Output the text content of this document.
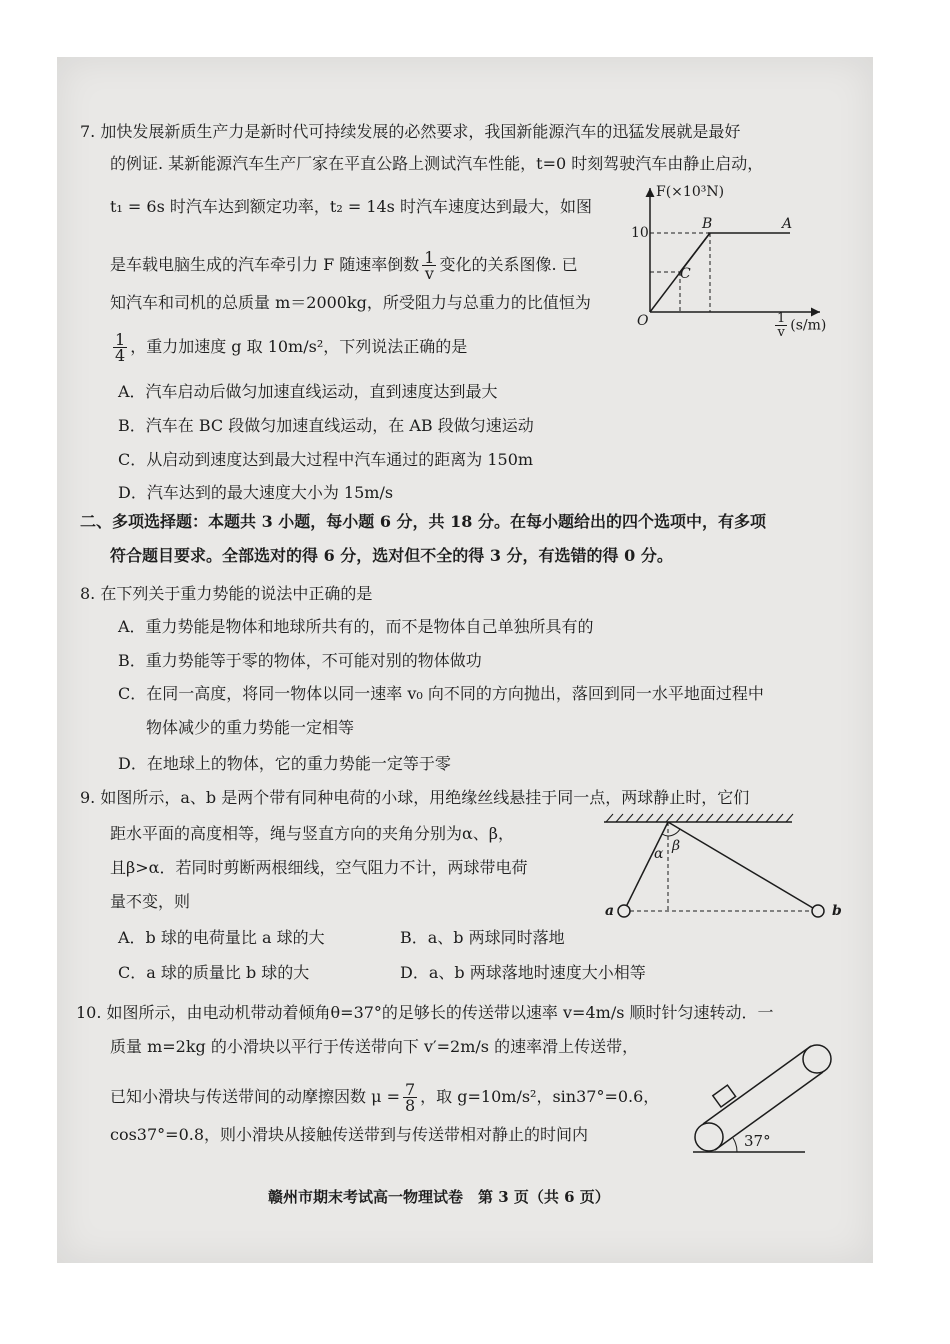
7. 加快发展新质生产力是新时代可持续发展的必然要求，我国新能源汽车的迅猛发展就是最好
的例证. 某新能源汽车生产厂家在平直公路上测试汽车性能，t=0 时刻驾驶汽车由静止启动，
t₁ = 6s 时汽车达到额定功率，t₂ = 14s 时汽车速度达到最大，如图
是车载电脑生成的汽车牵引力 F 随速率倒数 $\frac{1}{v}$ 变化的关系图像. 已
知汽车和司机的总质量 m＝2000kg，所受阻力与总重力的比值恒为
$\frac{1}{4}$ ，重力加速度 g 取 10m/s²，下列说法正确的是
A．汽车启动后做匀加速直线运动，直到速度达到最大
B．汽车在 BC 段做匀加速直线运动，在 AB 段做匀速运动
C．从启动到速度达到最大过程中汽车通过的距离为 150m
D．汽车达到的最大速度大小为 15m/s
F(×10³N)
10
O
B	A
C
$\frac{1}{v} (s/m)$
二、多项选择题：本题共 3 小题，每小题 6 分，共 18 分。在每小题给出的四个选项中，有多项
符合题目要求。全部选对的得 6 分，选对但不全的得 3 分，有选错的得 0 分。
8. 在下列关于重力势能的说法中正确的是
A．重力势能是物体和地球所共有的，而不是物体自己单独所具有的
B．重力势能等于零的物体，不可能对别的物体做功
C．在同一高度，将同一物体以同一速率 v₀ 向不同的方向抛出，落回到同一水平地面过程中
物体减少的重力势能一定相等
D．在地球上的物体，它的重力势能一定等于零
9. 如图所示，a、b 是两个带有同种电荷的小球，用绝缘丝线悬挂于同一点，两球静止时，它们
距水平面的高度相等，绳与竖直方向的夹角分别为α、β，
且β>α．若同时剪断两根细线，空气阻力不计，两球带电荷
量不变，则
A．b 球的电荷量比 a 球的大	B．a、b 两球同时落地
C．a 球的质量比 b 球的大	D．a、b 两球落地时速度大小相等
α β
a	b
10. 如图所示，由电动机带动着倾角θ=37°的足够长的传送带以速率 v=4m/s 顺时针匀速转动．一
质量 m=2kg 的小滑块以平行于传送带向下 v′=2m/s 的速率滑上传送带，
已知小滑块与传送带间的动摩擦因数 $\mu = \frac{7}{8}$ ，取 g=10m/s²，sin37°=0.6，
cos37°=0.8，则小滑块从接触传送带到与传送带相对静止的时间内	37°
赣州市期末考试高一物理试卷　第 3 页（共 6 页）
